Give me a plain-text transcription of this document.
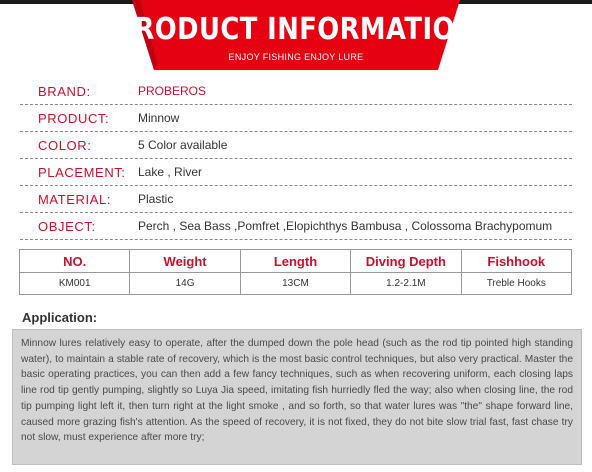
PRODUCT INFORMATION
ENJOY FISHING ENJOY LURE
BRAND:	PROBEROS
PRODUCT: Minnow
COLOR:	5 Color available
PLACEMENT: Lake , River
MATERIAL: Plastic
OBJECT:	Perch , Sea Bass ,Pomfret ,Elopichthys Bambusa , Colossoma Brachypomum
NO.	Weight	Length	Diving Depth	Fishhook
KM001	14G	13CM	1.2-2.1M	Treble Hooks
Application:
Minnow lures relatively easy to operate, after the dumped down the pole head (such as the rod tip pointed high standing water), to maintain a stable rate of recovery, which is the most basic control techniques, but also very practical. Master the basic operating practices, you can then add a few fancy techniques, such as when recovering uniform, each closing laps line rod tip gently pumping, slightly so Luya Jia speed, imitating fish hurriedly fled the way; also when closing line, the rod tip pumping light left it, then turn right at the light smoke , and so forth, so that water lures was "the" shape forward line, caused more grazing fish's attention. As the speed of recovery, it is not fixed, they do not bite slow trial fast, fast chase try not slow, must experience after more try;
